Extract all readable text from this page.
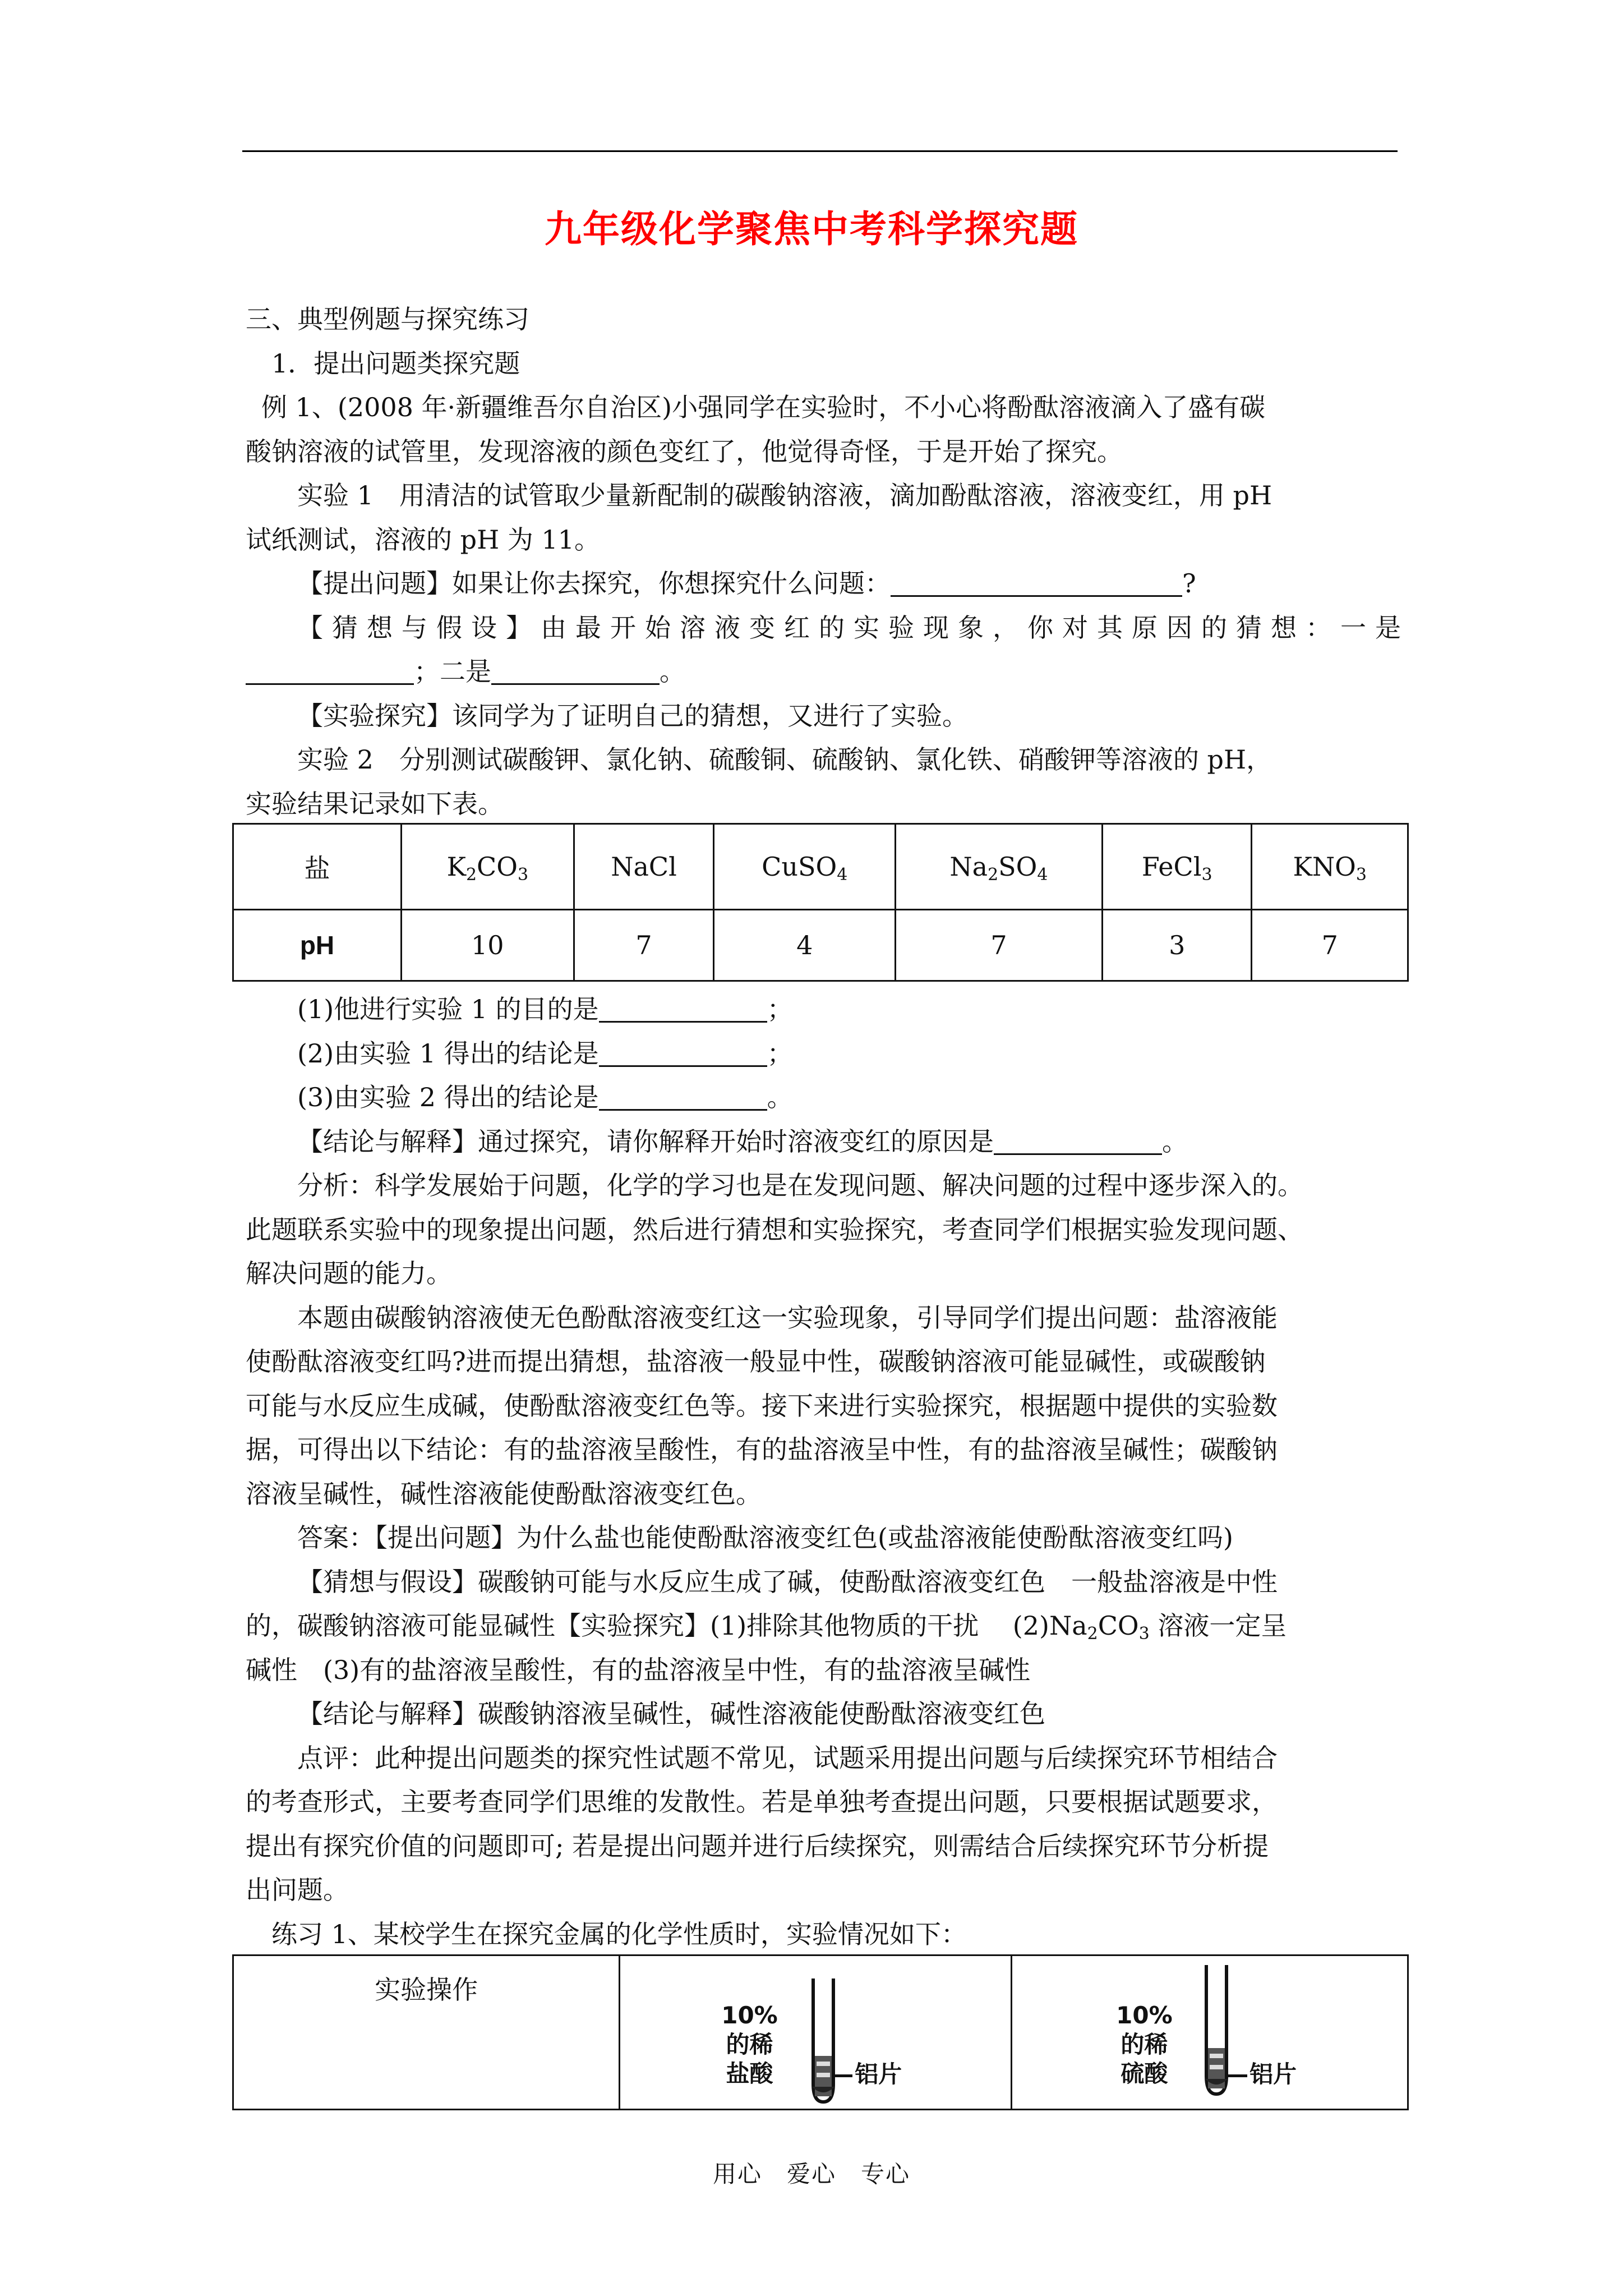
九年级化学聚焦中考科学探究题
三、典型例题与探究练习
1．提出问题类探究题
例 1、(2008 年·新疆维吾尔自治区)小强同学在实验时，不小心将酚酞溶液滴入了盛有碳
酸钠溶液的试管里，发现溶液的颜色变红了，他觉得奇怪，于是开始了探究。
实验 1　用清洁的试管取少量新配制的碳酸钠溶液，滴加酚酞溶液，溶液变红，用 pH
试纸测试，溶液的 pH 为 11。
【提出问题】如果让你去探究，你想探究什么问题：	?
【猜想与假设】由最开始溶液变红的实验现象，你对其原因的猜想：一是
；二是	。
【实验探究】该同学为了证明自己的猜想，又进行了实验。
实验 2　分别测试碳酸钾、氯化钠、硫酸铜、硫酸钠、氯化铁、硝酸钾等溶液的 pH，
实验结果记录如下表。
盐	$K_2CO_3$	NaCl	CuSO$_4$	$Na_2SO_4$	FeCl$_3$	$KNO_3$
pH	10	7	4	7	3	7
(1)他进行实验 1 的目的是	；
(2)由实验 1 得出的结论是	；
(3)由实验 2 得出的结论是	。
【结论与解释】通过探究，请你解释开始时溶液变红的原因是	。
分析：科学发展始于问题，化学的学习也是在发现问题、解决问题的过程中逐步深入的。
此题联系实验中的现象提出问题，然后进行猜想和实验探究，考查同学们根据实验发现问题、
解决问题的能力。
本题由碳酸钠溶液使无色酚酞溶液变红这一实验现象，引导同学们提出问题：盐溶液能
使酚酞溶液变红吗?进而提出猜想，盐溶液一般显中性，碳酸钠溶液可能显碱性，或碳酸钠
可能与水反应生成碱，使酚酞溶液变红色等。接下来进行实验探究，根据题中提供的实验数
据，可得出以下结论：有的盐溶液呈酸性，有的盐溶液呈中性，有的盐溶液呈碱性；碳酸钠
溶液呈碱性，碱性溶液能使酚酞溶液变红色。
答案：【提出问题】为什么盐也能使酚酞溶液变红色(或盐溶液能使酚酞溶液变红吗)
【猜想与假设】碳酸钠可能与水反应生成了碱，使酚酞溶液变红色　一般盐溶液是中性
的，碳酸钠溶液可能显碱性【实验探究】(1)排除其他物质的干扰　 $(2)Na_2CO_3$ 溶液一定呈
碱性　(3)有的盐溶液呈酸性，有的盐溶液呈中性，有的盐溶液呈碱性
【结论与解释】碳酸钠溶液呈碱性，碱性溶液能使酚酞溶液变红色
点评：此种提出问题类的探究性试题不常见，试题采用提出问题与后续探究环节相结合
的考查形式，主要考查同学们思维的发散性。若是单独考查提出问题，只要根据试题要求，
提出有探究价值的问题即可; 若是提出问题并进行后续探究，则需结合后续探究环节分析提
出问题。
练习 1、某校学生在探究金属的化学性质时，实验情况如下：
实验操作	
10%
的稀
盐酸	铝片

10%
的稀
硫酸	铝片
用心　爱心　专心
